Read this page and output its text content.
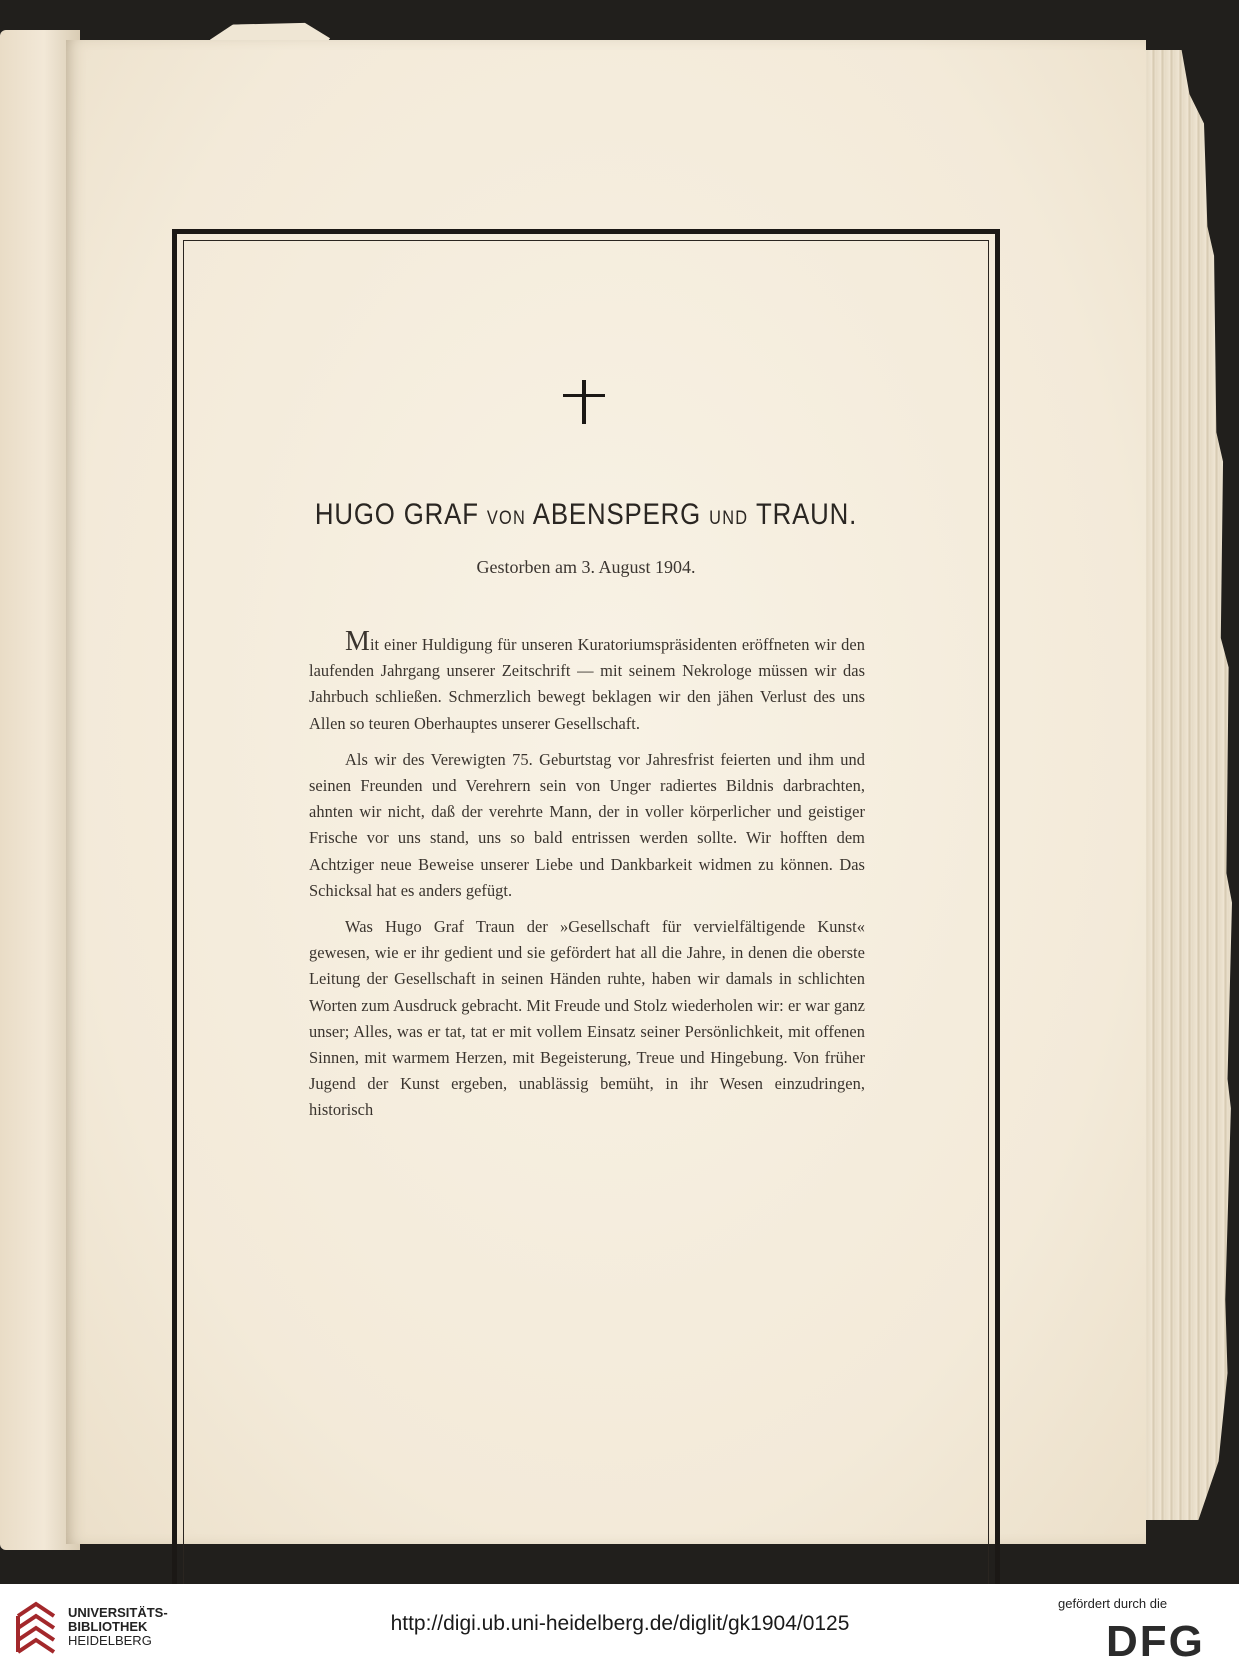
HUGO GRAF VON ABENSPERG UND TRAUN.
Gestorben am 3. August 1904.

Mit einer Huldigung für unseren Kuratoriumspräsidenten eröffneten wir den laufenden Jahrgang unserer Zeitschrift — mit seinem Nekrologe müssen wir das Jahrbuch schließen. Schmerzlich bewegt beklagen wir den jähen Verlust des uns Allen so teuren Oberhauptes unserer Gesellschaft.

Als wir des Verewigten 75. Geburtstag vor Jahresfrist feierten und ihm und seinen Freunden und Verehrern sein von Unger radiertes Bildnis darbrachten, ahnten wir nicht, daß der verehrte Mann, der in voller körperlicher und geistiger Frische vor uns stand, uns so bald entrissen werden sollte. Wir hofften dem Achtziger neue Beweise unserer Liebe und Dankbarkeit widmen zu können. Das Schicksal hat es anders gefügt.

Was Hugo Graf Traun der »Gesellschaft für vervielfältigende Kunst« gewesen, wie er ihr gedient und sie gefördert hat all die Jahre, in denen die oberste Leitung der Gesellschaft in seinen Händen ruhte, haben wir damals in schlichten Worten zum Ausdruck gebracht. Mit Freude und Stolz wiederholen wir: er war ganz unser; Alles, was er tat, tat er mit vollem Einsatz seiner Persönlichkeit, mit offenen Sinnen, mit warmem Herzen, mit Begeisterung, Treue und Hingebung. Von früher Jugend der Kunst ergeben, unablässig bemüht, in ihr Wesen einzudringen, historisch

UNIVERSITÄTS-
BIBLIOTHEK
HEIDELBERG
http://digi.ub.uni-heidelberg.de/diglit/gk1904/0125
gefördert durch die
DFG
